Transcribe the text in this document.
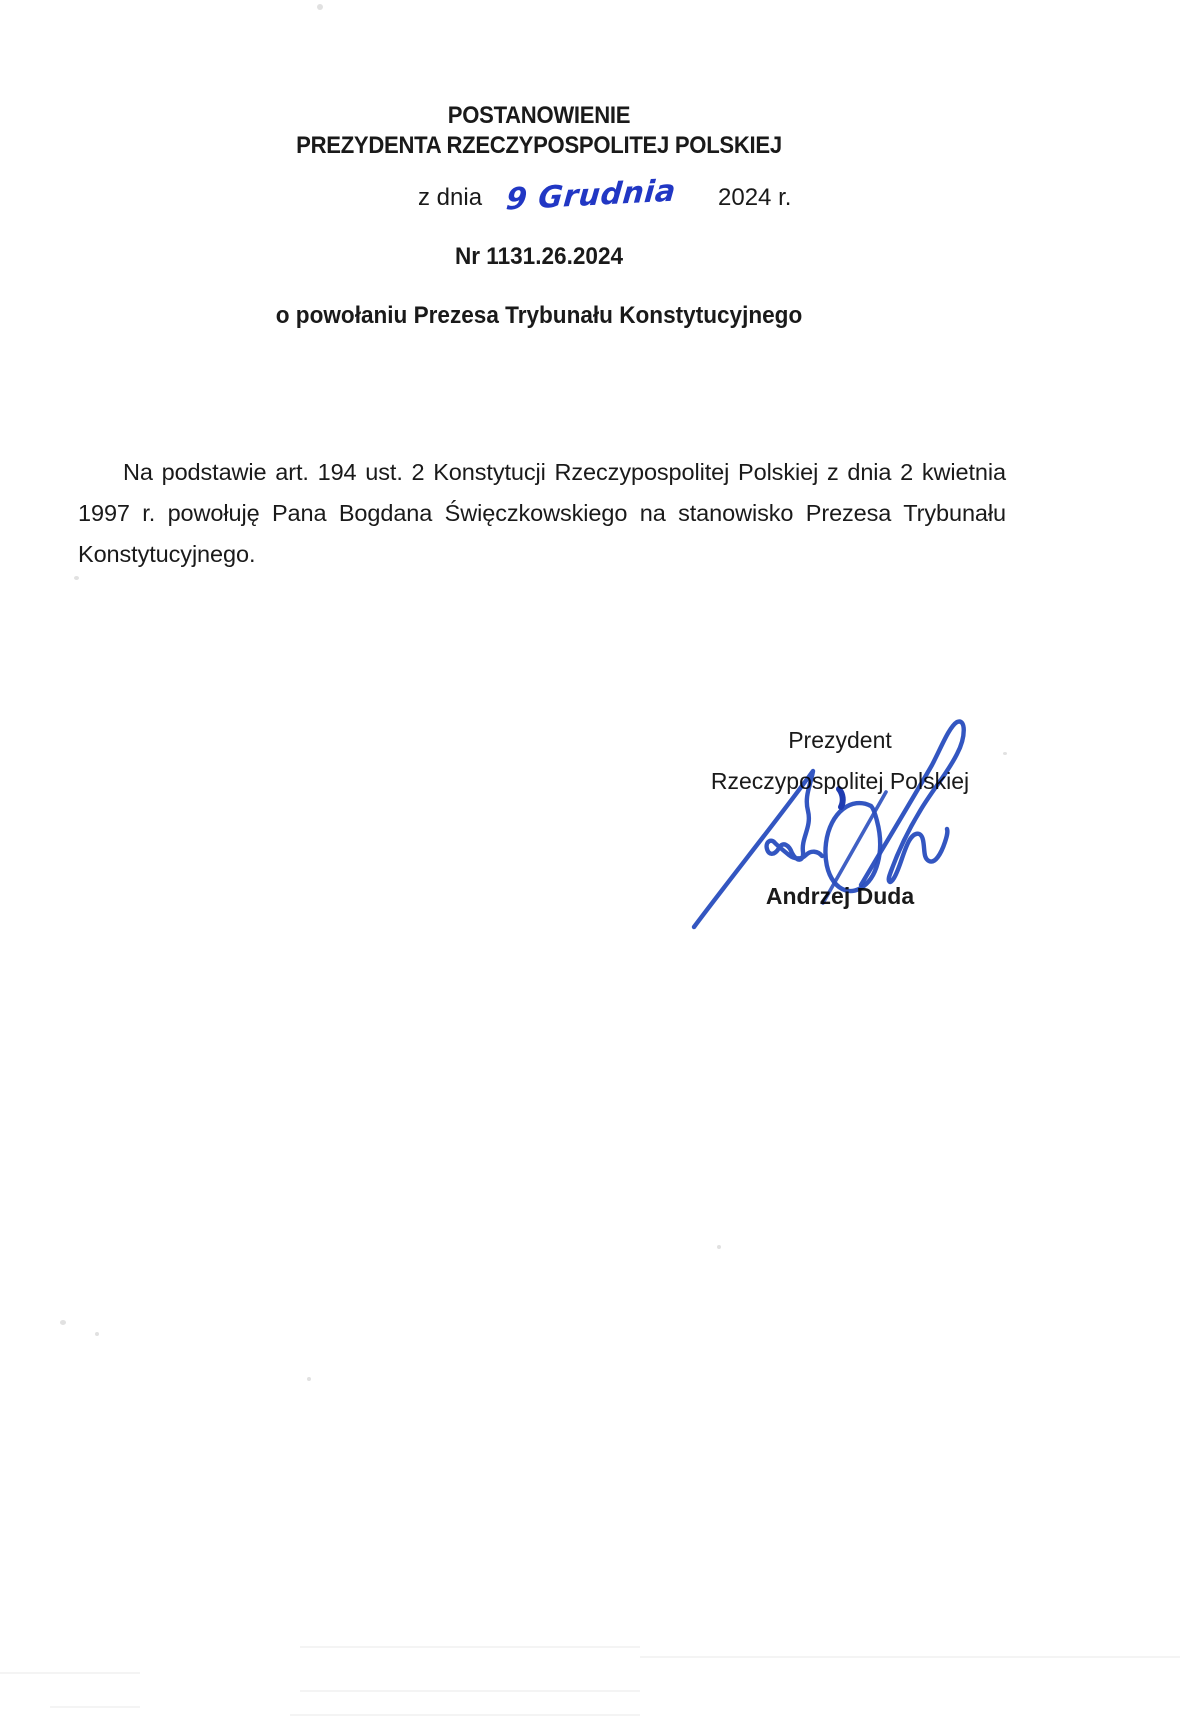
POSTANOWIENIE
PREZYDENTA RZECZYPOSPOLITEJ POLSKIEJ
z dnia 9 Grudnia 2024 r.
Nr 1131.26.2024
o powołaniu Prezesa Trybunału Konstytucyjnego
Na podstawie art. 194 ust. 2 Konstytucji Rzeczypospolitej Polskiej z dnia 2 kwietnia 1997 r. powołuję Pana Bogdana Święczkowskiego na stanowisko Prezesa Trybunału Konstytucyjnego.
Prezydent
Rzeczypospolitej Polskiej
Andrzej Duda
